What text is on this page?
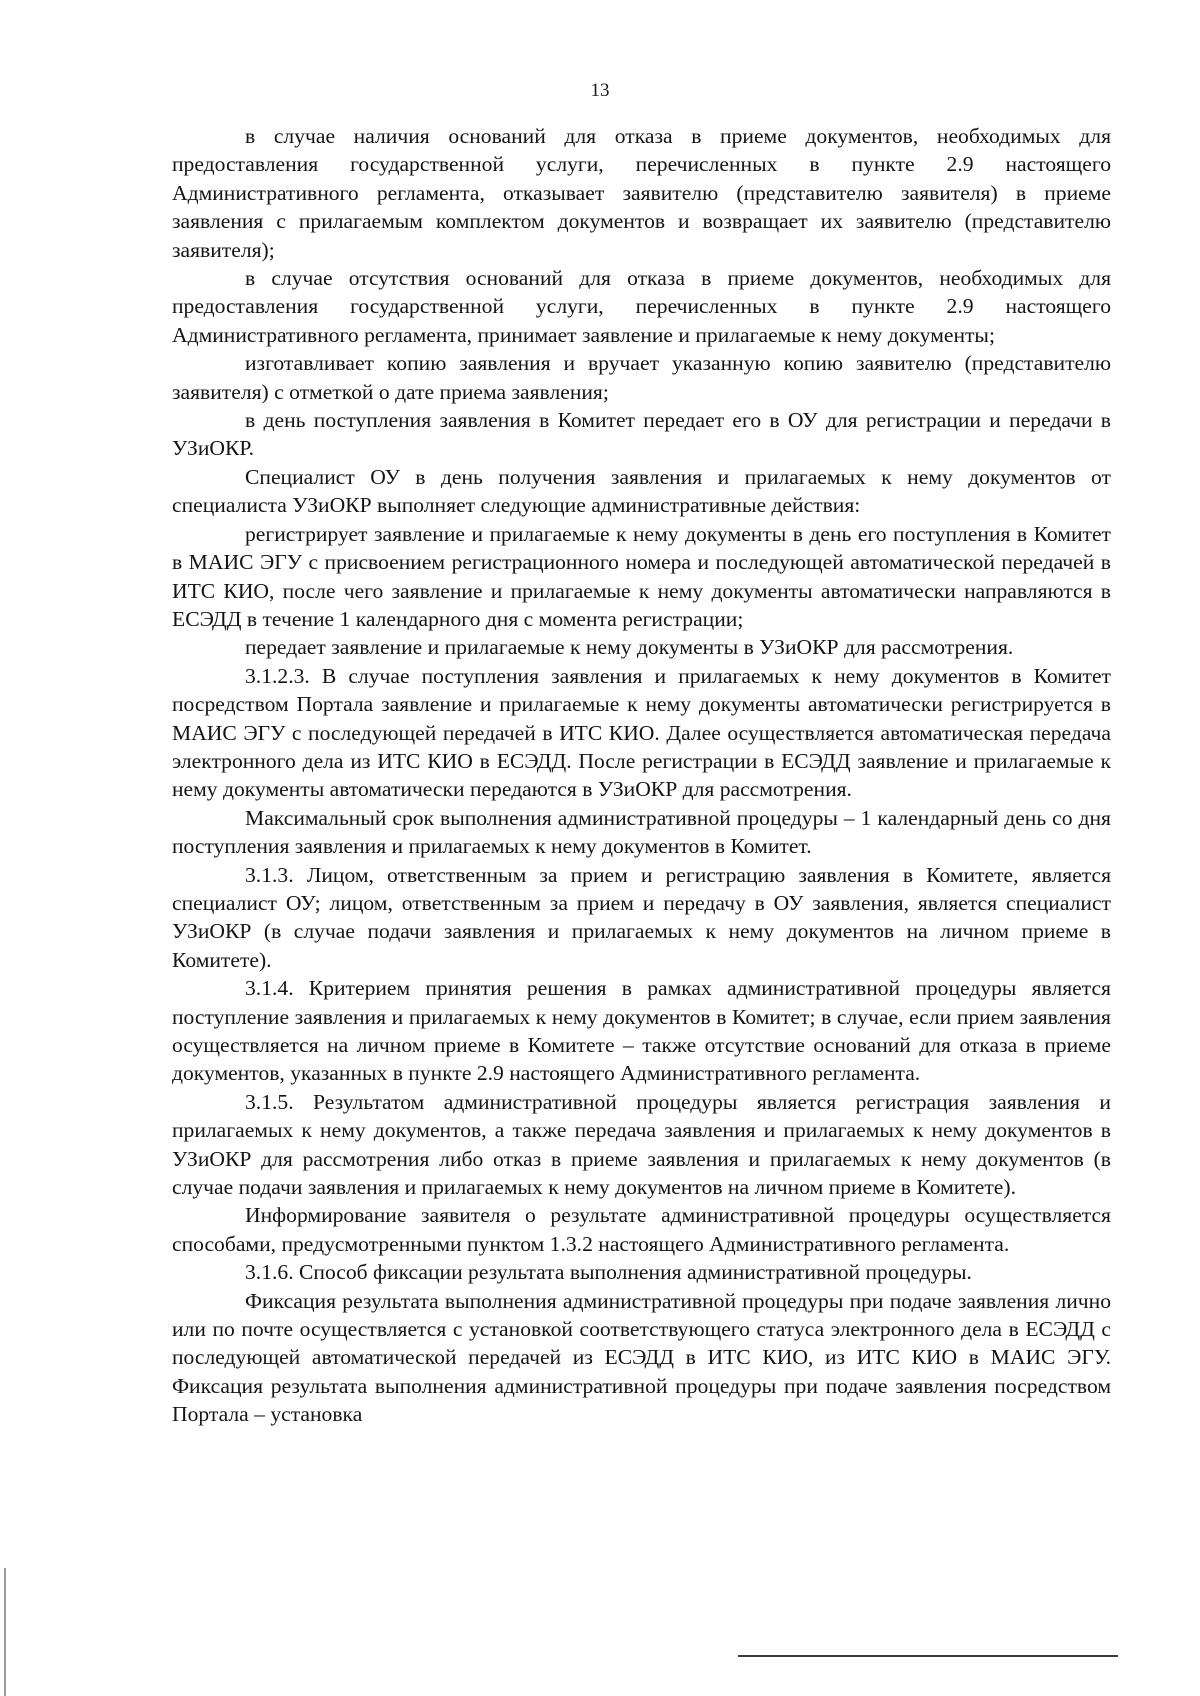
13

в случае наличия оснований для отказа в приеме документов, необходимых для предоставления государственной услуги, перечисленных в пункте 2.9 настоящего Административного регламента, отказывает заявителю (представителю заявителя) в приеме заявления с прилагаемым комплектом документов и возвращает их заявителю (представителю заявителя);

в случае отсутствия оснований для отказа в приеме документов, необходимых для предоставления государственной услуги, перечисленных в пункте 2.9 настоящего Административного регламента, принимает заявление и прилагаемые к нему документы;

изготавливает копию заявления и вручает указанную копию заявителю (представителю заявителя) с отметкой о дате приема заявления;

в день поступления заявления в Комитет передает его в ОУ для регистрации и передачи в УЗиОКР.

Специалист ОУ в день получения заявления и прилагаемых к нему документов от специалиста УЗиОКР выполняет следующие административные действия:

регистрирует заявление и прилагаемые к нему документы в день его поступления в Комитет в МАИС ЭГУ с присвоением регистрационного номера и последующей автоматической передачей в ИТС КИО, после чего заявление и прилагаемые к нему документы автоматически направляются в ЕСЭДД в течение 1 календарного дня с момента регистрации;

передает заявление и прилагаемые к нему документы в УЗиОКР для рассмотрения.

3.1.2.3. В случае поступления заявления и прилагаемых к нему документов в Комитет посредством Портала заявление и прилагаемые к нему документы автоматически регистрируется в МАИС ЭГУ с последующей передачей в ИТС КИО. Далее осуществляется автоматическая передача электронного дела из ИТС КИО в ЕСЭДД. После регистрации в ЕСЭДД заявление и прилагаемые к нему документы автоматически передаются в УЗиОКР для рассмотрения.

Максимальный срок выполнения административной процедуры – 1 календарный день со дня поступления заявления и прилагаемых к нему документов в Комитет.

3.1.3. Лицом, ответственным за прием и регистрацию заявления в Комитете, является специалист ОУ; лицом, ответственным за прием и передачу в ОУ заявления, является специалист УЗиОКР (в случае подачи заявления и прилагаемых к нему документов на личном приеме в Комитете).

3.1.4. Критерием принятия решения в рамках административной процедуры является поступление заявления и прилагаемых к нему документов в Комитет; в случае, если прием заявления осуществляется на личном приеме в Комитете – также отсутствие оснований для отказа в приеме документов, указанных в пункте 2.9 настоящего Административного регламента.

3.1.5. Результатом административной процедуры является регистрация заявления и прилагаемых к нему документов, а также передача заявления и прилагаемых к нему документов в УЗиОКР для рассмотрения либо отказ в приеме заявления и прилагаемых к нему документов (в случае подачи заявления и прилагаемых к нему документов на личном приеме в Комитете).

Информирование заявителя о результате административной процедуры осуществляется способами, предусмотренными пунктом 1.3.2 настоящего Административного регламента.

3.1.6. Способ фиксации результата выполнения административной процедуры.

Фиксация результата выполнения административной процедуры при подаче заявления лично или по почте осуществляется с установкой соответствующего статуса электронного дела в ЕСЭДД с последующей автоматической передачей из ЕСЭДД в ИТС КИО, из ИТС КИО в МАИС ЭГУ. Фиксация результата выполнения административной процедуры при подаче заявления посредством Портала – установка
